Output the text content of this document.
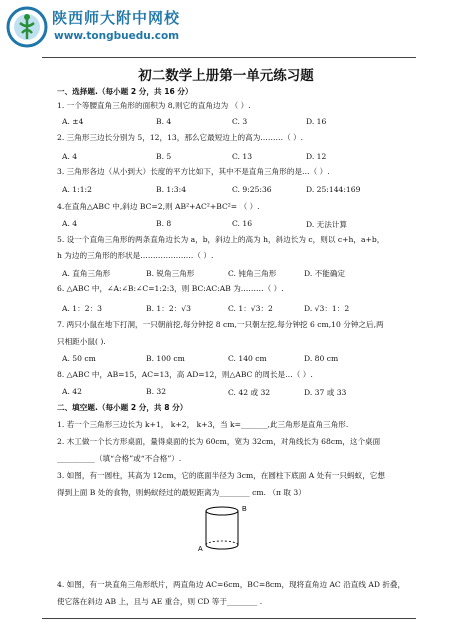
陕西师大附中网校
www.tongbuedu.com
初二数学上册第一单元练习题
一、选择题.（每小题 2 分，共 16 分）
1. 一个等腰直角三角形的面积为 8,则它的直角边为 （ ）.
A. ±4	B. 4	C. 3	D. 16
2. 三角形三边长分别为 5，12，13，那么它最短边上的高为………（ ）.
A. 4	B. 5	C. 13	D. 12
3. 三角形各边（从小到大）长度的平方比如下，其中不是直角三角形的是…（ ）.
A. 1:1:2	B. 1:3:4	C. 9:25:36	D. 25:144:169
4.在直角△ABC 中,斜边 BC=2,则 AB²+AC²+BC²= （ ）.
A. 4	B. 8	C. 16	D. 无法计算
5. 设一个直角三角形的两条直角边长为 a，b，斜边上的高为 h，斜边长为 c，则以 c+h，a+b，
h 为边的三角形的形状是…………………（ ）.
A. 直角三角形	B. 锐角三角形	C. 钝角三角形	D. 不能确定
6. △ABC 中，∠A:∠B:∠C=1:2:3，则 BC:AC:AB 为………（ ）.
A. 1：2：3	B. 1：2：√3	C. 1：√3：2	D. √3：1：2
7. 两只小鼠在地下打洞，一只朝前挖,每分钟挖 8 cm,一只朝左挖,每分钟挖 6 cm,10 分钟之后,两
只相距小鼠( ).
A. 50 cm	B. 100 cm	C. 140 cm	D. 80 cm
8. △ABC 中，AB=15，AC=13，高 AD=12，则△ABC 的周长是…（ ）.
A. 42	B. 32	C. 42 或 32	D. 37 或 33
二、填空题.（每小题 2 分，共 8 分）
1. 若一个三角形三边长为 k+1， k+2， k+3，当 k=_______,此三角形是直角三角形.
2. 木工做一个长方形桌面，量得桌面的长为 60cm，宽为 32cm，对角线长为 68cm，这个桌面
__________（填“合格”或“不合格”）.
3. 如图，有一圆柱，其高为 12cm，它的底面半径为 3cm，在圆柱下底面 A 处有一只蚂蚁，它想
得到上面 B 处的食物，则蚂蚁经过的最短距离为________ cm. （π 取 3）
B
A
4. 如图，有一块直角三角形纸片，两直角边 AC=6cm，BC=8cm，现将直角边 AC 沿直线 AD 折叠，
使它落在斜边 AB 上，且与 AE 重合，则 CD 等于________ .
